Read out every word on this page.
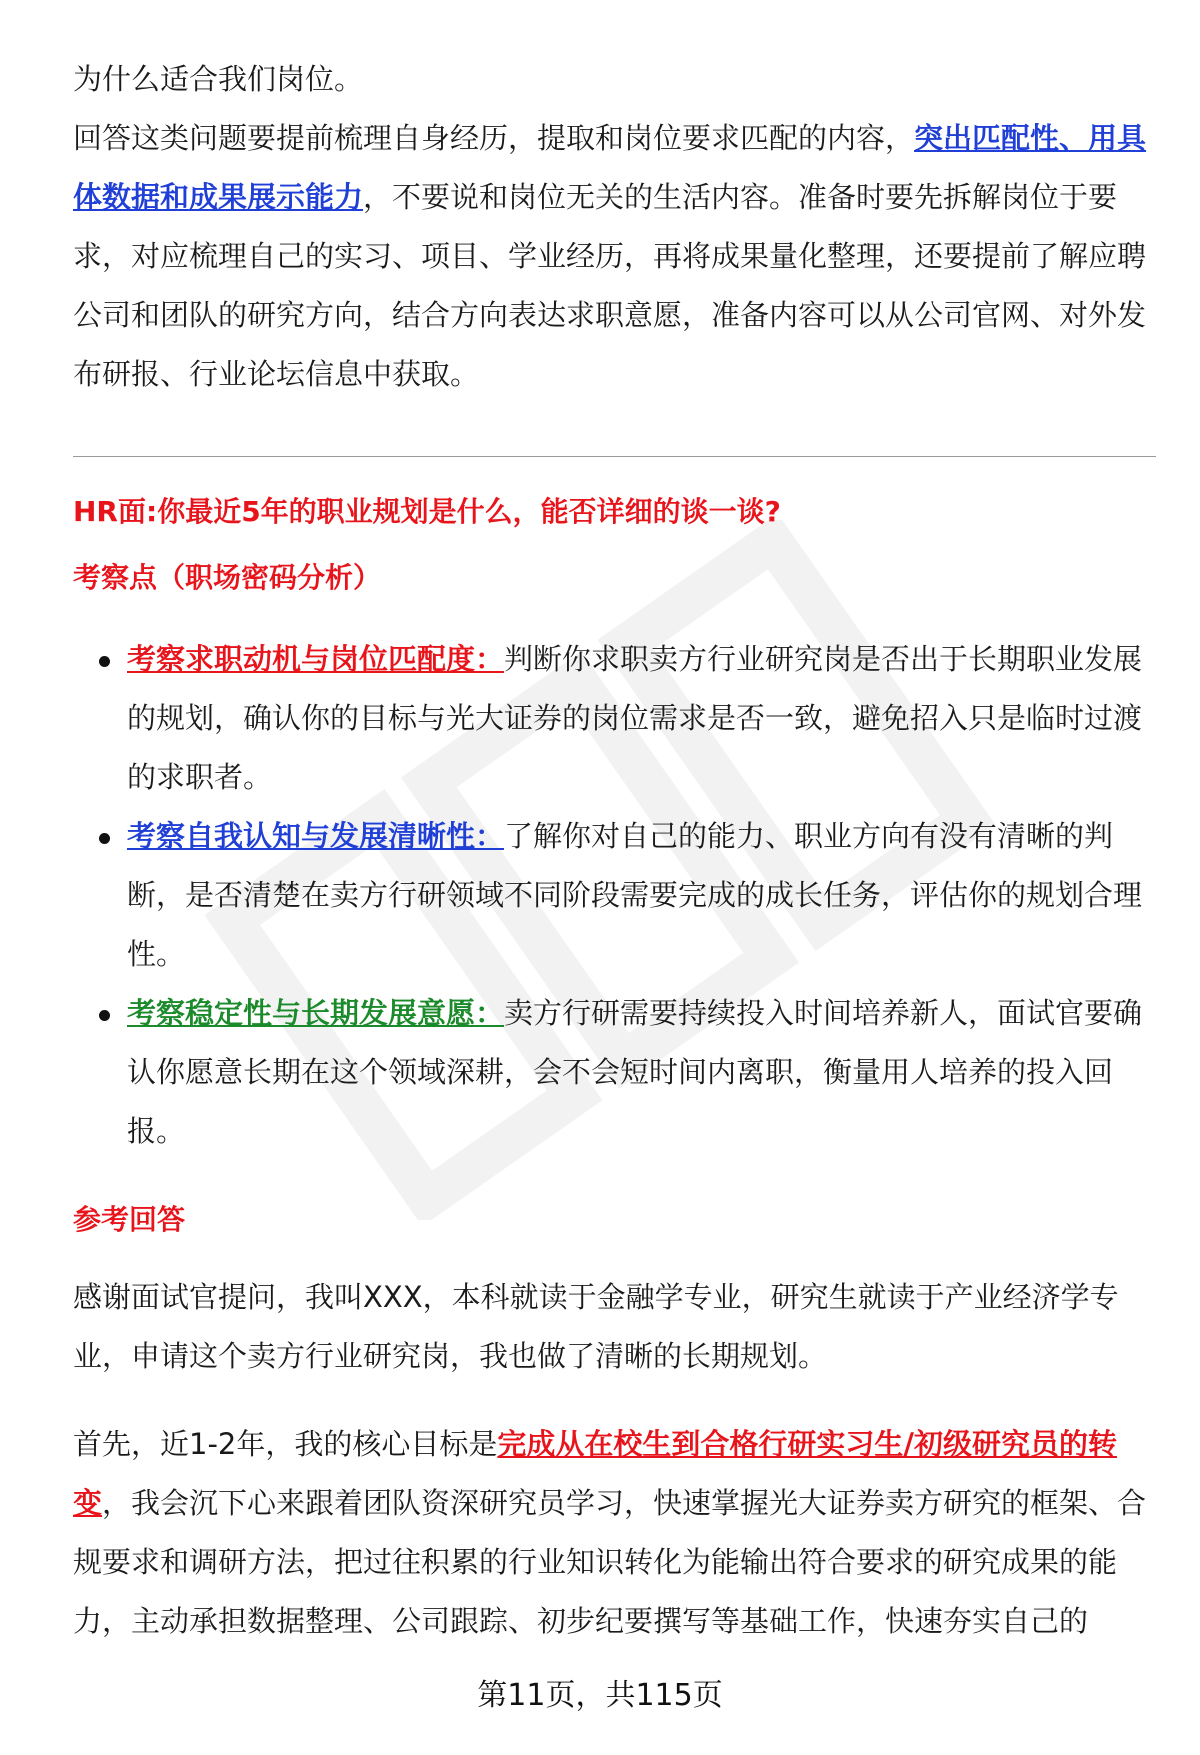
为什么适合我们岗位。

回答这类问题要提前梳理自身经历，提取和岗位要求匹配的内容，突出匹配性、用具体数据和成果展示能力，不要说和岗位无关的生活内容。准备时要先拆解岗位于要求，对应梳理自己的实习、项目、学业经历，再将成果量化整理，还要提前了解应聘公司和团队的研究方向，结合方向表达求职意愿，准备内容可以从公司官网、对外发布研报、行业论坛信息中获取。

HR面:你最近5年的职业规划是什么，能否详细的谈一谈?
考察点（职场密码分析）
考察求职动机与岗位匹配度：判断你求职卖方行业研究岗是否出于长期职业发展的规划，确认你的目标与光大证券的岗位需求是否一致，避免招入只是临时过渡的求职者。
考察自我认知与发展清晰性：了解你对自己的能力、职业方向有没有清晰的判断，是否清楚在卖方行研领域不同阶段需要完成的成长任务，评估你的规划合理性。
考察稳定性与长期发展意愿：卖方行研需要持续投入时间培养新人，面试官要确认你愿意长期在这个领域深耕，会不会短时间内离职，衡量用人培养的投入回报。
参考回答

感谢面试官提问，我叫XXX，本科就读于金融学专业，研究生就读于产业经济学专业，申请这个卖方行业研究岗，我也做了清晰的长期规划。

首先，近1-2年，我的核心目标是完成从在校生到合格行研实习生/初级研究员的转变，我会沉下心来跟着团队资深研究员学习，快速掌握光大证券卖方研究的框架、合规要求和调研方法，把过往积累的行业知识转化为能输出符合要求的研究成果的能力，主动承担数据整理、公司跟踪、初步纪要撰写等基础工作，快速夯实自己的

第11页，共115页
